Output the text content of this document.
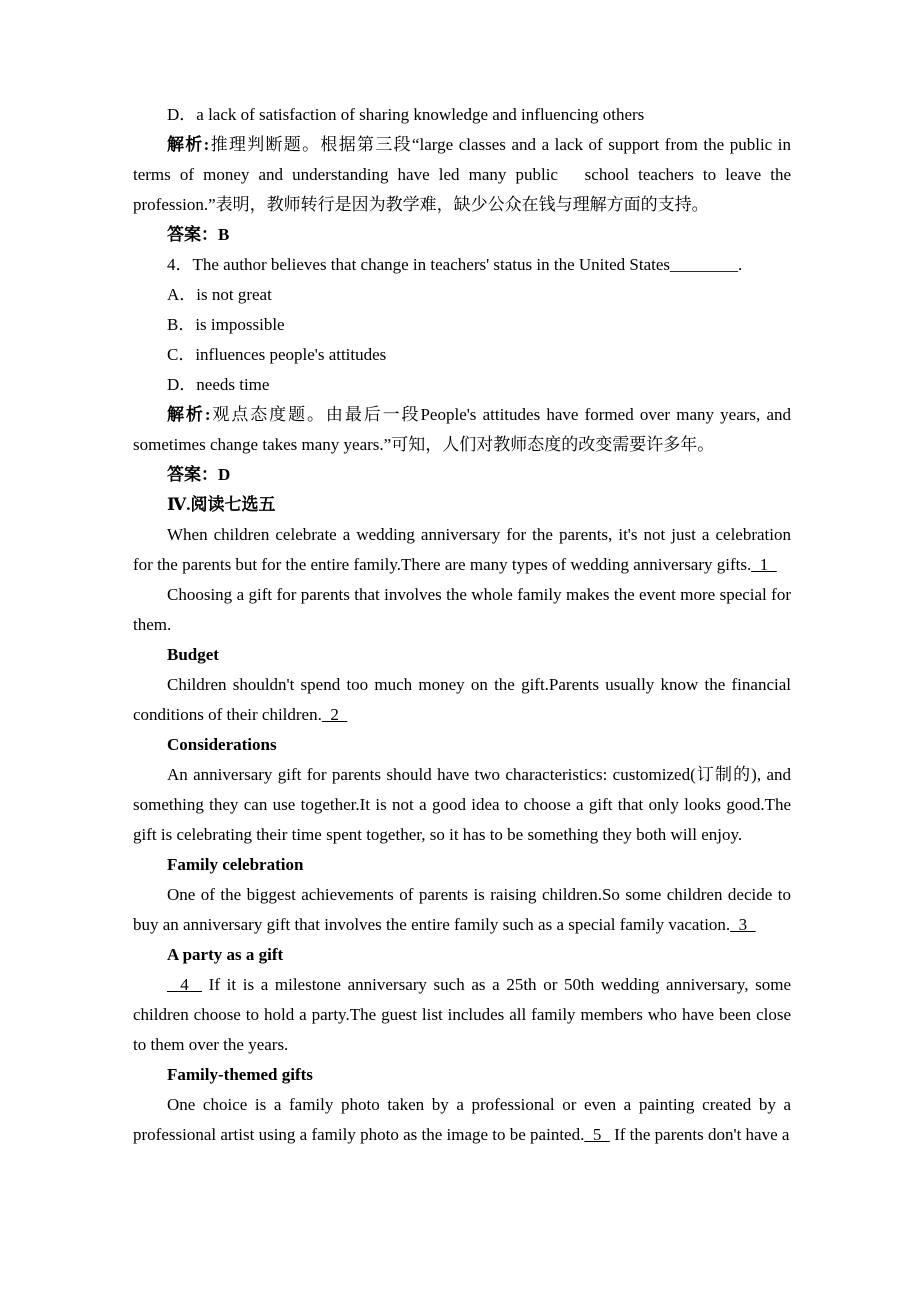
D．a lack of satisfaction of sharing knowledge and influencing others

解析:推理判断题。根据第三段“large classes and a lack of support from the public in terms of money and understanding have led many public　school teachers to leave the profession.”表明，教师转行是因为教学难，缺少公众在钱与理解方面的支持。

答案：B

4．The author believes that change in teachers' status in the United States________.

A．is not great

B．is impossible

C．influences people's attitudes

D．needs time

解析:观点态度题。由最后一段People's attitudes have formed over many years, and sometimes change takes many years.”可知，人们对教师态度的改变需要许多年。

答案：D

Ⅳ.阅读七选五

When children celebrate a wedding anniversary for the parents, it's not just a celebration for the parents but for the entire family.There are many types of wedding anniversary gifts.  1

Choosing a gift for parents that involves the whole family makes the event more special for them.

Budget

Children shouldn't spend too much money on the gift.Parents usually know the financial conditions of their children.  2

Considerations

An anniversary gift for parents should have two characteristics: customized(订制的), and something they can use together.It is not a good idea to choose a gift that only looks good.The gift is celebrating their time spent together, so it has to be something they both will enjoy.

Family celebration

One of the biggest achievements of parents is raising children.So some children decide to buy an anniversary gift that involves the entire family such as a special family vacation.  3

A party as a gift

4   If it is a milestone anniversary such as a 25th or 50th wedding anniversary, some children choose to hold a party.The guest list includes all family members who have been close to them over the years.

Family-themed gifts

One choice is a family photo taken by a professional or even a painting created by a professional artist using a family photo as the image to be painted.  5   If the parents don't have a
